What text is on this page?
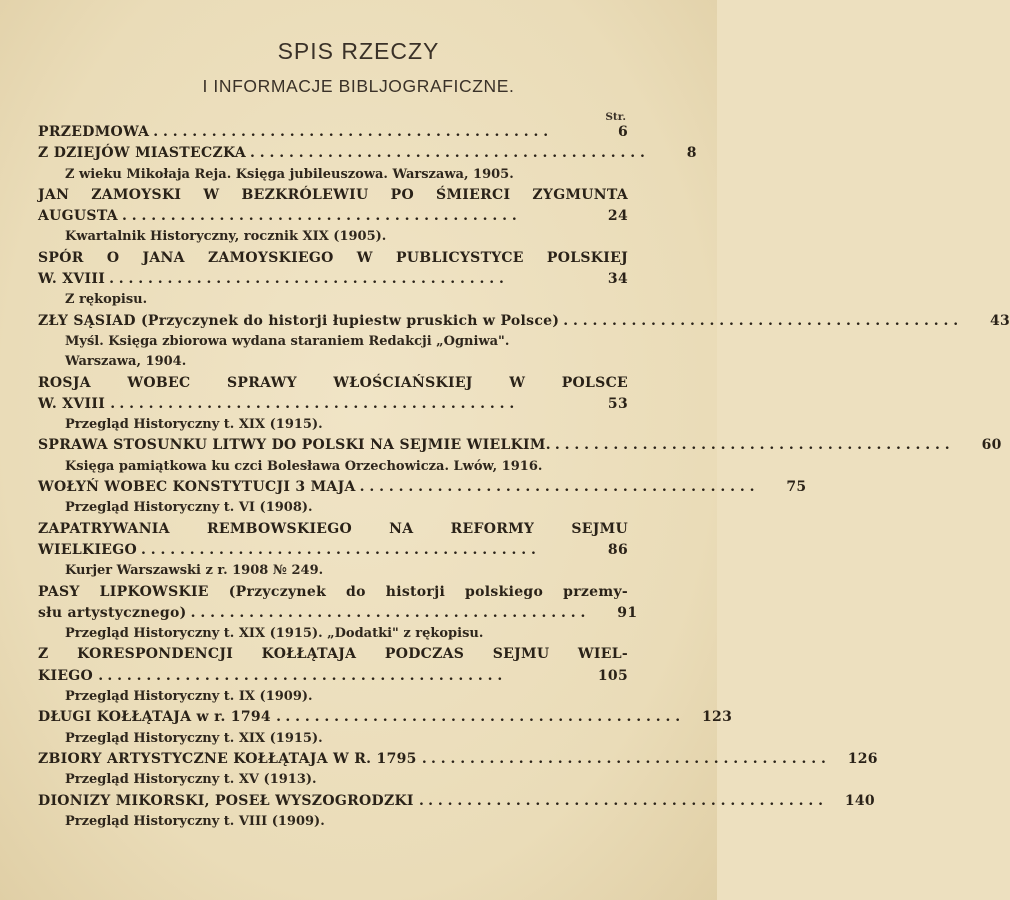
SPIS RZECZY
I INFORMACJE BIBLJOGRAFICZNE.
Str.
PRZEDMOWA . . . . . . . . . . . . . . . . . . . . . . . . . . . . . . . . . . . . . . . . .	6
Z DZIEJÓW MIASTECZKA . . . . . . . . . . . . . . . . . . . . . . . . . . . . . . . . . . . . . . . . .	8
Z wieku Mikołaja Reja. Księga jubileuszowa. Warszawa, 1905.
JAN ZAMOYSKI W BEZKRÓLEWIU PO ŚMIERCI ZYGMUNTA
AUGUSTA . . . . . . . . . . . . . . . . . . . . . . . . . . . . . . . . . . . . . . . . .	24
Kwartalnik Historyczny, rocznik XIX (1905).
SPÓR O JANA ZAMOYSKIEGO W PUBLICYSTYCE POLSKIEJ
W. XVIII . . . . . . . . . . . . . . . . . . . . . . . . . . . . . . . . . . . . . . . . .	34
Z rękopisu.
ZŁY SĄSIAD (Przyczynek do historji łupiestw pruskich w Polsce) . . . . . . . . . . . . . . . . . . . . . . . . . . . . . . . . . . . . . . . . .	43
Myśl. Księga zbiorowa wydana staraniem Redakcji „Ogniwa".
Warszawa, 1904.
ROSJA WOBEC SPRAWY WŁOŚCIAŃSKIEJ W POLSCE
W. XVIII . . . . . . . . . . . . . . . . . . . . . . . . . . . . . . . . . . . . . . . . . .	53
Przegląd Historyczny t. XIX (1915).
SPRAWA STOSUNKU LITWY DO POLSKI NA SEJMIE WIELKIM. . . . . . . . . . . . . . . . . . . . . . . . . . . . . . . . . . . . . . . . . .	60
Księga pamiątkowa ku czci Bolesława Orzechowicza. Lwów, 1916.
WOŁYŃ WOBEC KONSTYTUCJI 3 MAJA . . . . . . . . . . . . . . . . . . . . . . . . . . . . . . . . . . . . . . . . .	75
Przegląd Historyczny t. VI (1908).
ZAPATRYWANIA REMBOWSKIEGO NA REFORMY SEJMU
WIELKIEGO . . . . . . . . . . . . . . . . . . . . . . . . . . . . . . . . . . . . . . . . .	86
Kurjer Warszawski z r. 1908 № 249.
PASY LIPKOWSKIE (Przyczynek do historji polskiego przemy-
słu artystycznego) . . . . . . . . . . . . . . . . . . . . . . . . . . . . . . . . . . . . . . . . .	91
Przegląd Historyczny t. XIX (1915). „Dodatki" z rękopisu.
Z KORESPONDENCJI KOŁŁĄTAJA PODCZAS SEJMU WIEL-
KIEGO . . . . . . . . . . . . . . . . . . . . . . . . . . . . . . . . . . . . . . . . . .	105
Przegląd Historyczny t. IX (1909).
DŁUGI KOŁŁĄTAJA w r. 1794 . . . . . . . . . . . . . . . . . . . . . . . . . . . . . . . . . . . . . . . . . .	123
Przegląd Historyczny t. XIX (1915).
ZBIORY ARTYSTYCZNE KOŁŁĄTAJA W R. 1795 . . . . . . . . . . . . . . . . . . . . . . . . . . . . . . . . . . . . . . . . . .	126
Przegląd Historyczny t. XV (1913).
DIONIZY MIKORSKI, POSEŁ WYSZOGRODZKI . . . . . . . . . . . . . . . . . . . . . . . . . . . . . . . . . . . . . . . . . .	140
Przegląd Historyczny t. VIII (1909).
